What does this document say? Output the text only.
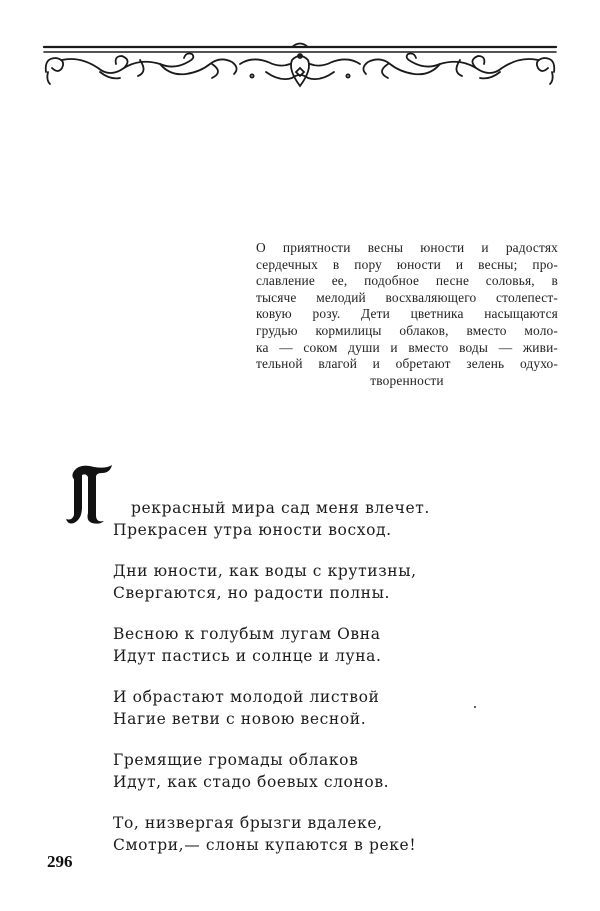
О приятности весны юности и радостях
сердечных в пору юности и весны; про-
славление ее, подобное песне соловья, в
тысяче мелодий восхваляющего столепест-
ковую розу. Дети цветника насыщаются
грудью кормилицы облаков, вместо моло-
ка — соком души и вместо воды — живи-
тельной влагой и обретают зелень одухо-
творенности
рекрасный мира сад меня влечет.
Прекрасен утра юности восход.
Дни юности, как воды с крутизны,
Свергаются, но радости полны.
Весною к голубым лугам Овна
Идут пастись и солнце и луна.
И обрастают молодой листвой
Нагие ветви с новою весной.
Гремящие громады облаков
Идут, как стадо боевых слонов.
То, низвергая брызги вдалеке,
Смотри,— слоны купаются в реке!
296
